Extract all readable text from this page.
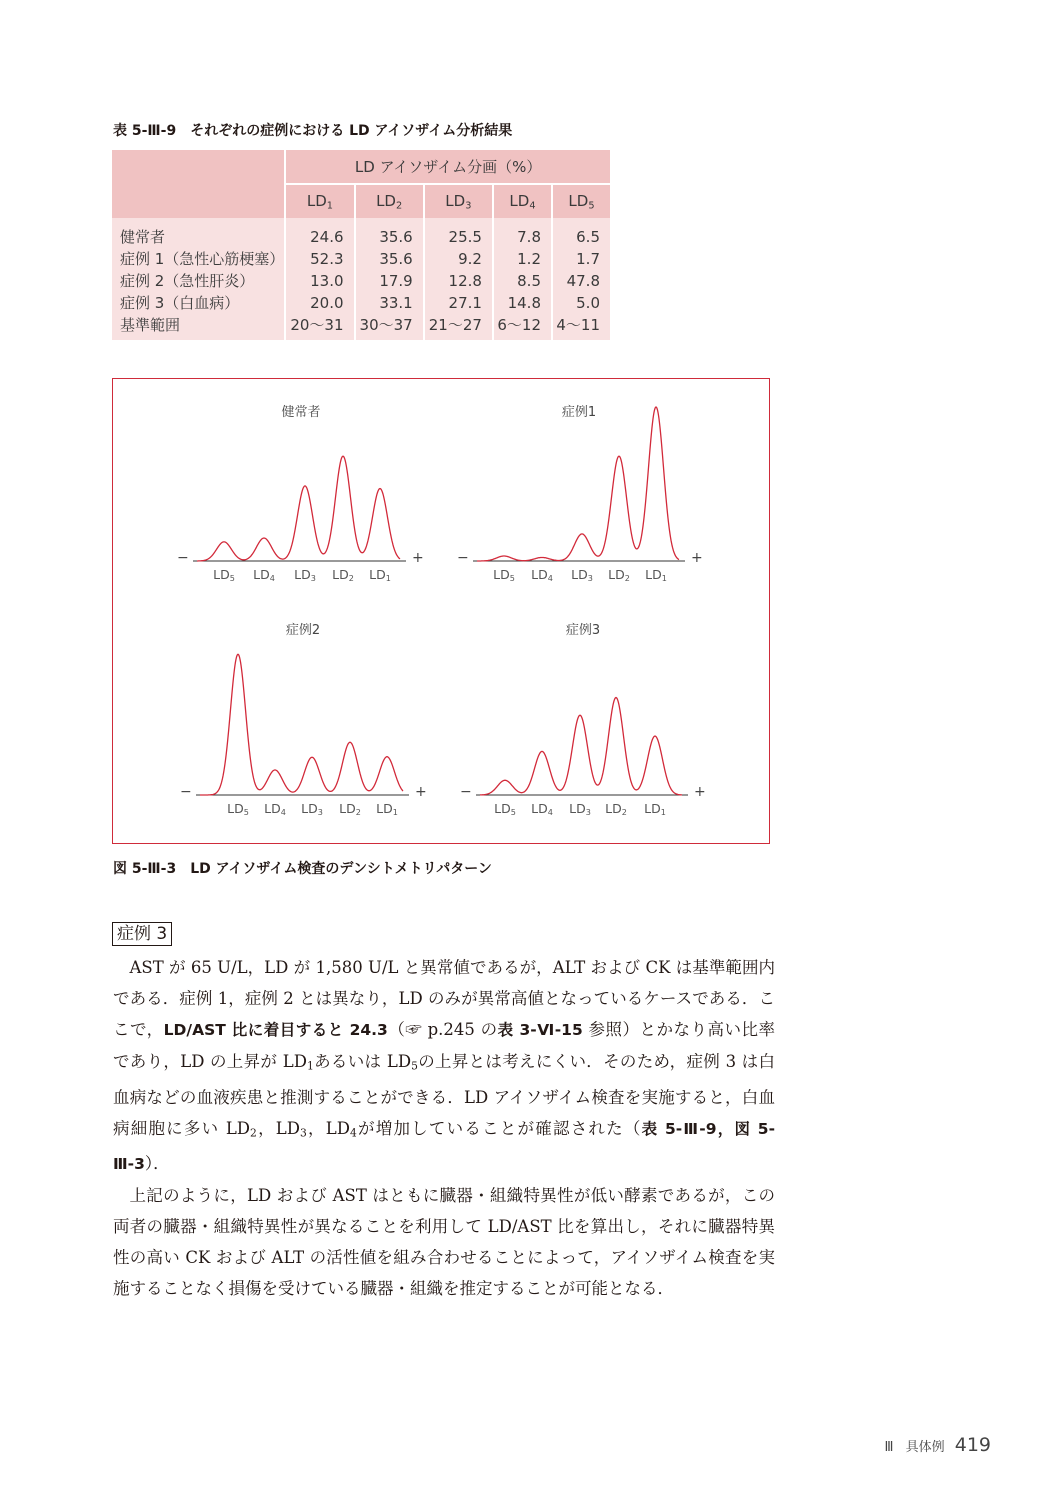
表 5-Ⅲ-9　それぞれの症例における LD アイソザイム分析結果
	LD アイソザイム分画（%）				
	$LD_1$	$LD_2$	$LD_3$	$LD_4$	$LD_5$
健常者	24.6	35.6	25.5	7.8	6.5
症例 1（急性心筋梗塞）	52.3	35.6	9.2	1.2	1.7
症例 2（急性肝炎）	13.0	17.9	12.8	8.5	47.8
症例 3（白血病）	20.0	33.1	27.1	14.8	5.0
基準範囲	20〜31	30〜37	21〜27	6〜12	4〜11
健常者
−	+
$LD_5$	$LD_4$	$LD_3$	$LD_2$	$LD_1$
症例1
−	+
$LD_5$	$LD_4$	$LD_3$	$LD_2$	$LD_1$
症例2
−	+
$LD_5$	$LD_4$	$LD_3$	$LD_2$	$LD_1$
症例3
−	+
$LD_5$	$LD_4$	$LD_3$	$LD_2$	$LD_1$
図 5-Ⅲ-3　LD アイソザイム検査のデンシトメトリパターン
症例 3

AST が 65 U/L，LD が 1,580 U/L と異常値であるが，ALT および CK は基準範囲内である．症例 1，症例 2 とは異なり，LD のみが異常高値となっているケースである．ここで，LD/AST 比に着目すると 24.3（☞ p.245 の表 3-Ⅵ-15 参照）とかなり高い比率であり，LD の上昇が $LD_1$あるいは $LD_5$の上昇とは考えにくい．そのため，症例 3 は白血病などの血液疾患と推測することができる．LD アイソザイム検査を実施すると，白血病細胞に多い $LD_2$，$LD_3$，$LD_4$が増加していることが確認された（表 5-Ⅲ-9，図 5-Ⅲ-3）．

上記のように，LD および AST はともに臓器・組織特異性が低い酵素であるが，この両者の臓器・組織特異性が異なることを利用して LD/AST 比を算出し，それに臓器特異性の高い CK および ALT の活性値を組み合わせることによって，アイソザイム検査を実施することなく損傷を受けている臓器・組織を推定することが可能となる．

Ⅲ 具体例 419
